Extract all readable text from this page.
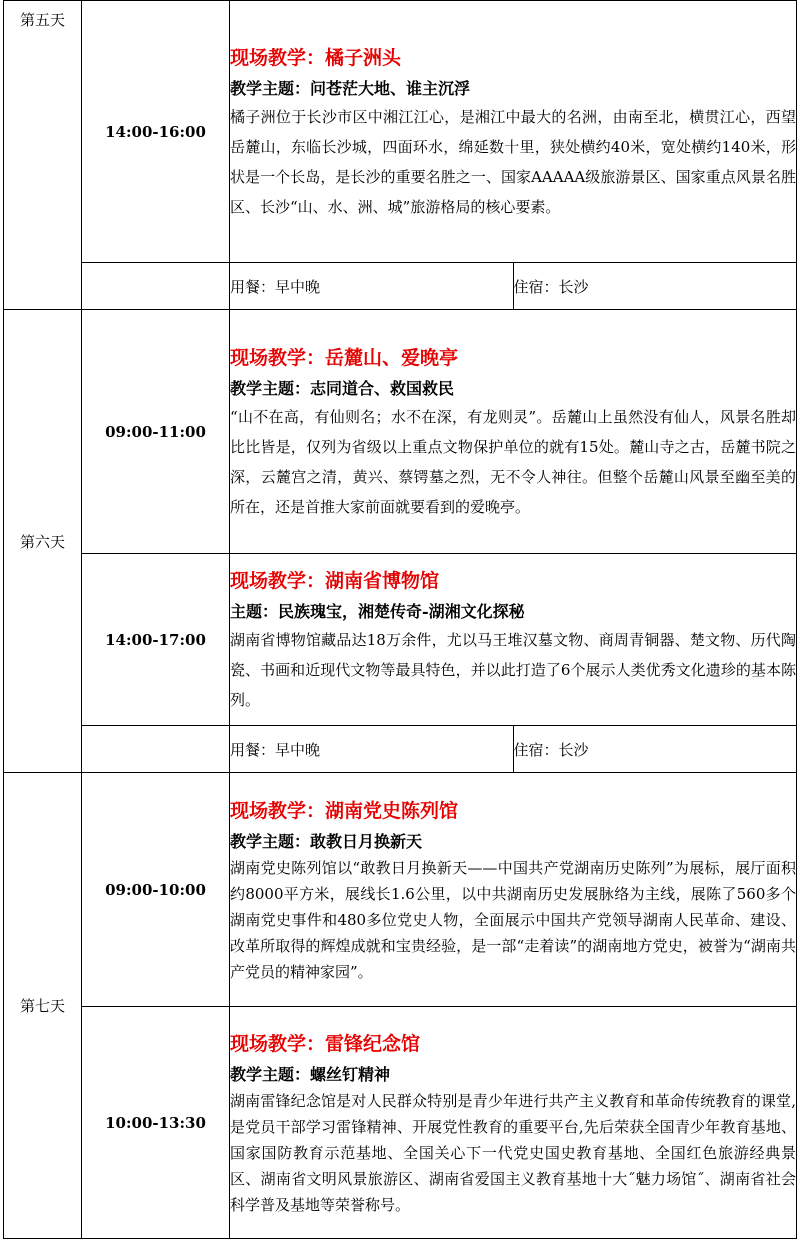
第五天	14:00-16:00	现场教学：橘子洲头
教学主题：问苍茫大地、谁主沉浮
橘子洲位于长沙市区中湘江江心，是湘江中最大的名洲，由南至北，横贯江心，西望岳麓山，东临长沙城，四面环水，绵延数十里，狭处横约40米，宽处横约140米，形状是一个长岛，是长沙的重要名胜之一、国家AAAAA级旅游景区、国家重点风景名胜区、长沙“山、水、洲、城”旅游格局的核心要素。	

		用餐：早中晚	住宿：长沙
第六天	09:00-11:00	现场教学：岳麓山、爱晚亭
教学主题：志同道合、救国救民
“山不在高，有仙则名；水不在深，有龙则灵”。岳麓山上虽然没有仙人，风景名胜却比比皆是，仅列为省级以上重点文物保护单位的就有15处。麓山寺之古，岳麓书院之深，云麓宫之清，黄兴、蔡锷墓之烈，无不令人神往。但整个岳麓山风景至幽至美的所在，还是首推大家前面就要看到的爱晚亭。	

	14:00-17:00	现场教学：湖南省博物馆
主题：民族瑰宝，湘楚传奇-湖湘文化探秘
湖南省博物馆藏品达18万余件，尤以马王堆汉墓文物、商周青铜器、楚文物、历代陶瓷、书画和近现代文物等最具特色，并以此打造了6个展示人类优秀文化遗珍的基本陈列。	

		用餐：早中晚	住宿：长沙
第七天	09:00-10:00	现场教学：湖南党史陈列馆
教学主题：敢教日月换新天
湖南党史陈列馆以“敢教日月换新天——中国共产党湖南历史陈列”为展标，展厅面积约8000平方米，展线长1.6公里，以中共湖南历史发展脉络为主线，展陈了560多个湖南党史事件和480多位党史人物，全面展示中国共产党领导湖南人民革命、建设、改革所取得的辉煌成就和宝贵经验，是一部“走着读”的湖南地方党史，被誉为“湖南共产党员的精神家园”。	

	10:00-13:30	现场教学：雷锋纪念馆
教学主题：螺丝钉精神
湖南雷锋纪念馆是对人民群众特别是青少年进行共产主义教育和革命传统教育的课堂,是党员干部学习雷锋精神、开展党性教育的重要平台,先后荣获全国青少年教育基地、国家国防教育示范基地、全国关心下一代党史国史教育基地、全国红色旅游经典景区、湖南省文明风景旅游区、湖南省爱国主义教育基地十大˝魅力场馆˝、湖南省社会科学普及基地等荣誉称号。	
